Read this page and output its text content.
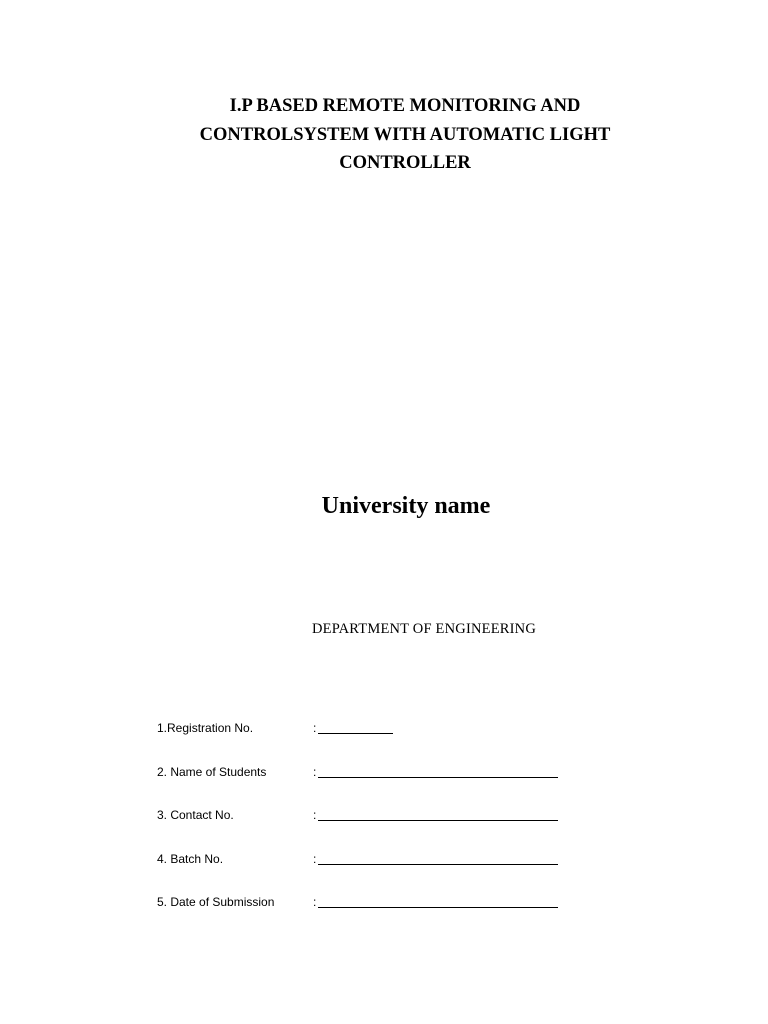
I.P BASED REMOTE MONITORING AND
CONTROLSYSTEM WITH AUTOMATIC LIGHT
CONTROLLER
University name
DEPARTMENT OF ENGINEERING
1.Registration No.	:
2. Name of Students	:
3. Contact No.	:
4. Batch No.	:
5. Date of Submission	:
